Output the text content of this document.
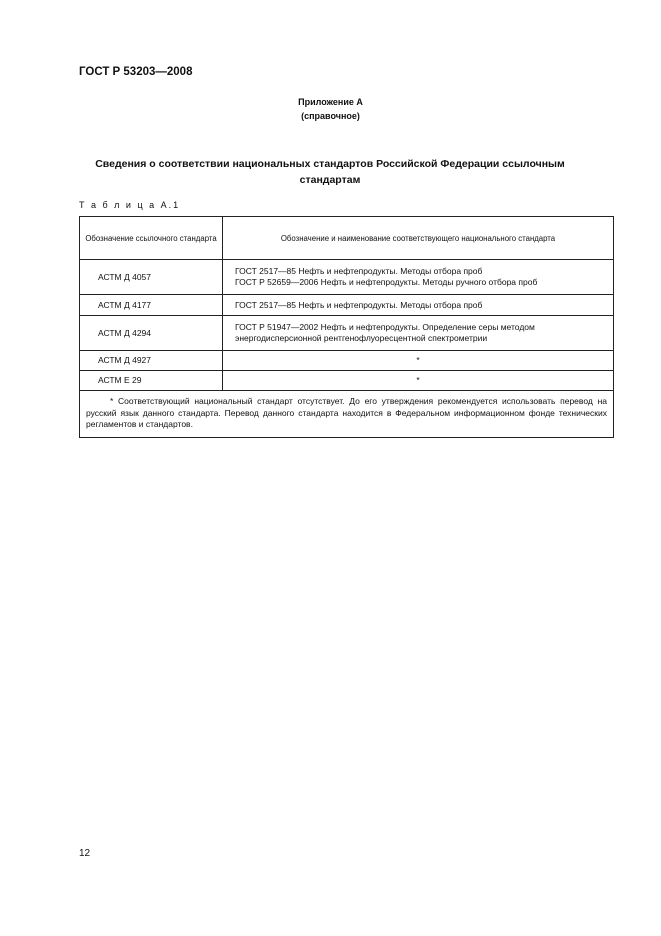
ГОСТ Р 53203—2008
Приложение А
(справочное)
Сведения о соответствии национальных стандартов Российской Федерации ссылочным стандартам
Т а б л и ц а А.1
Обозначение ссылочного стандарта	Обозначение и наименование соответствующего национального стандарта
АСТМ Д 4057	ГОСТ 2517—85 Нефть и нефтепродукты. Методы отбора проб
ГОСТ Р 52659—2006 Нефть и нефтепродукты. Методы ручного отбора проб

АСТМ Д 4177	ГОСТ 2517—85 Нефть и нефтепродукты. Методы отбора проб

АСТМ Д 4294	ГОСТ Р 51947—2002 Нефть и нефтепродукты. Определение серы методом
энергодисперсионной рентгенофлуоресцентной спектрометрии

АСТМ Д 4927	*
АСТМ Е 29	*
* Соответствующий национальный стандарт отсутствует. До его утверждения рекомендуется использовать перевод на русский язык данного стандарта. Перевод данного стандарта находится в Федеральном информационном фонде технических регламентов и стандартов.	
12
